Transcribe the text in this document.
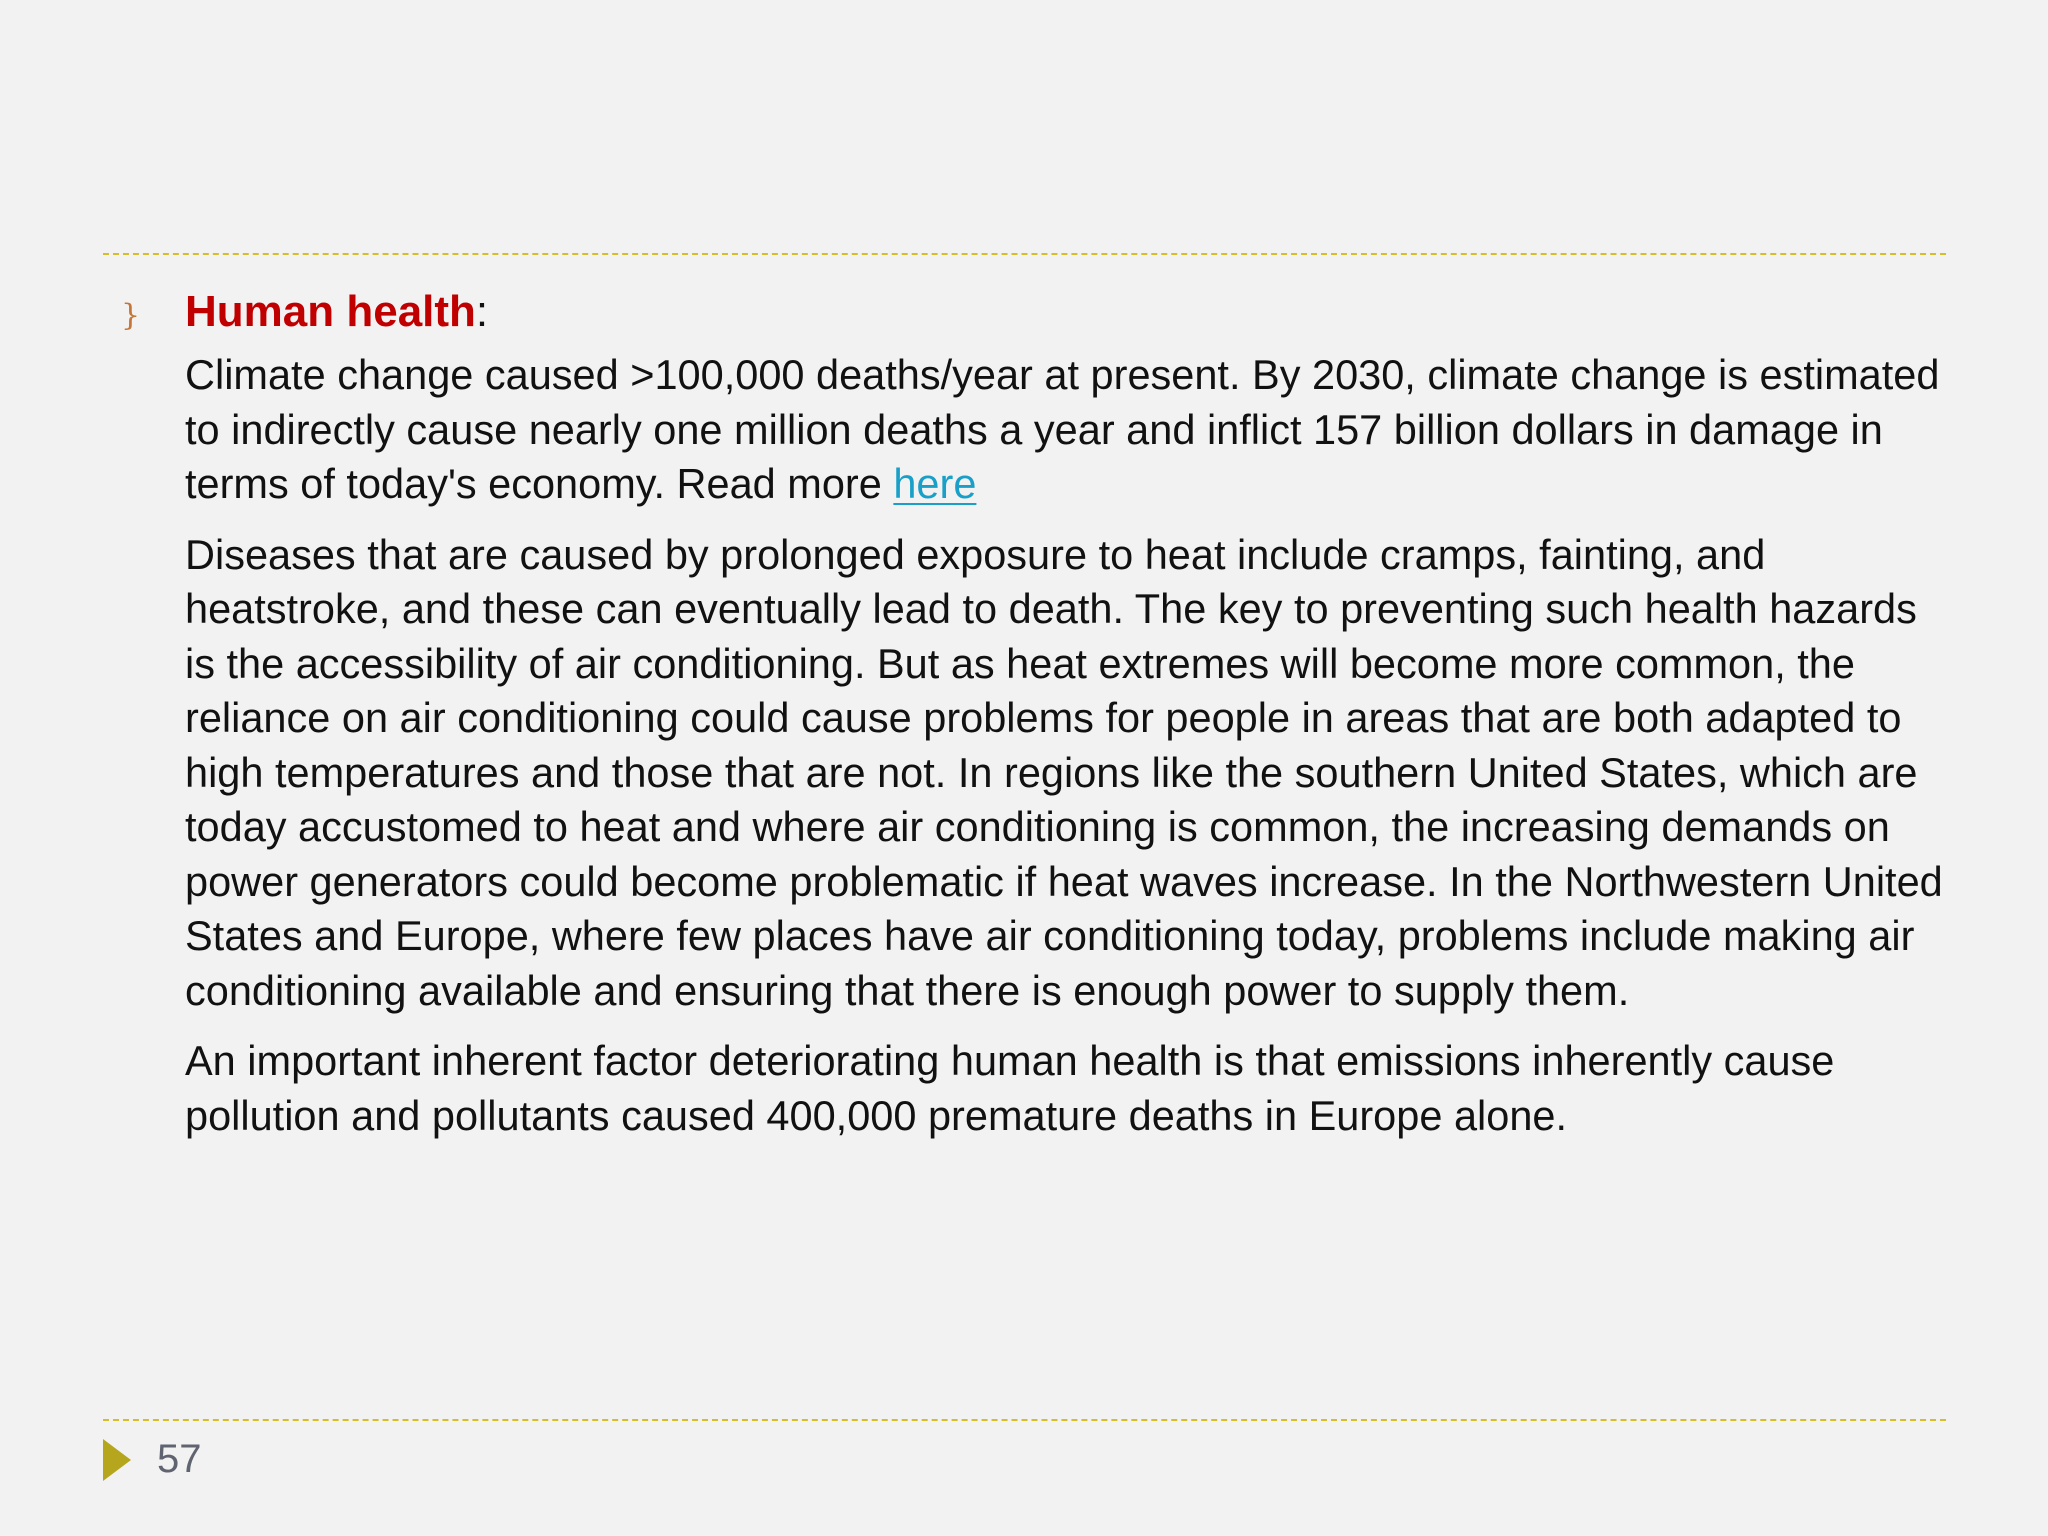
} Human health:

Climate change caused >100,000 deaths/year at present. By 2030, climate change is estimated to indirectly cause nearly one million deaths a year and inflict 157 billion dollars in damage in terms of today's economy. Read more here

Diseases that are caused by prolonged exposure to heat include cramps, fainting, and heatstroke, and these can eventually lead to death. The key to preventing such health hazards is the accessibility of air conditioning. But as heat extremes will become more common, the reliance on air conditioning could cause problems for people in areas that are both adapted to high temperatures and those that are not. In regions like the southern United States, which are today accustomed to heat and where air conditioning is common, the increasing demands on power generators could become problematic if heat waves increase. In the Northwestern United States and Europe, where few places have air conditioning today, problems include making air conditioning available and ensuring that there is enough power to supply them.

An important inherent factor deteriorating human health is that emissions inherently cause pollution and pollutants caused 400,000 premature deaths in Europe alone.

57
